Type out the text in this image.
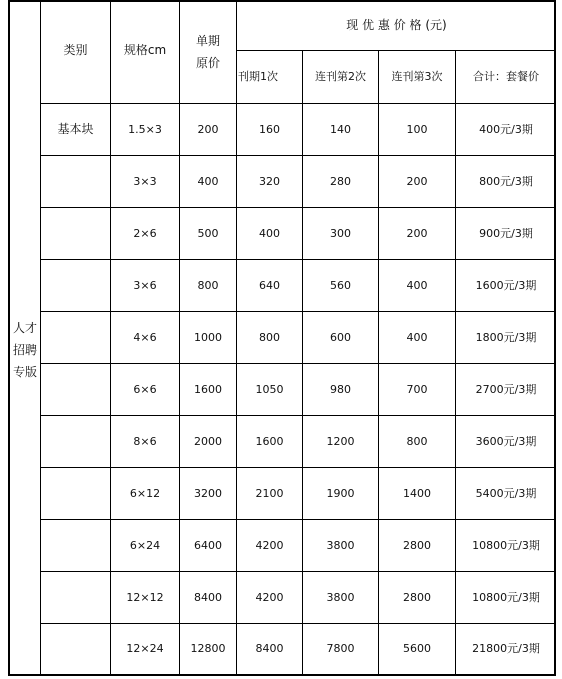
类别	规格cm
单期
原价
现 优 惠 价 格 (元)
刊期1次	连刊第2次	连刊第3次	合计：套餐价
人才
招聘
专版
基本块	1.5×3	200	160	140	100	400元/3期
3×3	400	320	280	200	800元/3期
2×6	500	400	300	200	900元/3期
3×6	800	640	560	400	1600元/3期
4×6	1000	800	600	400	1800元/3期
6×6	1600	1050	980	700	2700元/3期
8×6	2000	1600	1200	800	3600元/3期
6×12	3200	2100	1900	1400	5400元/3期
6×24	6400	4200	3800	2800	10800元/3期
12×12	8400	4200	3800	2800	10800元/3期
12×24	12800	8400	7800	5600	21800元/3期
